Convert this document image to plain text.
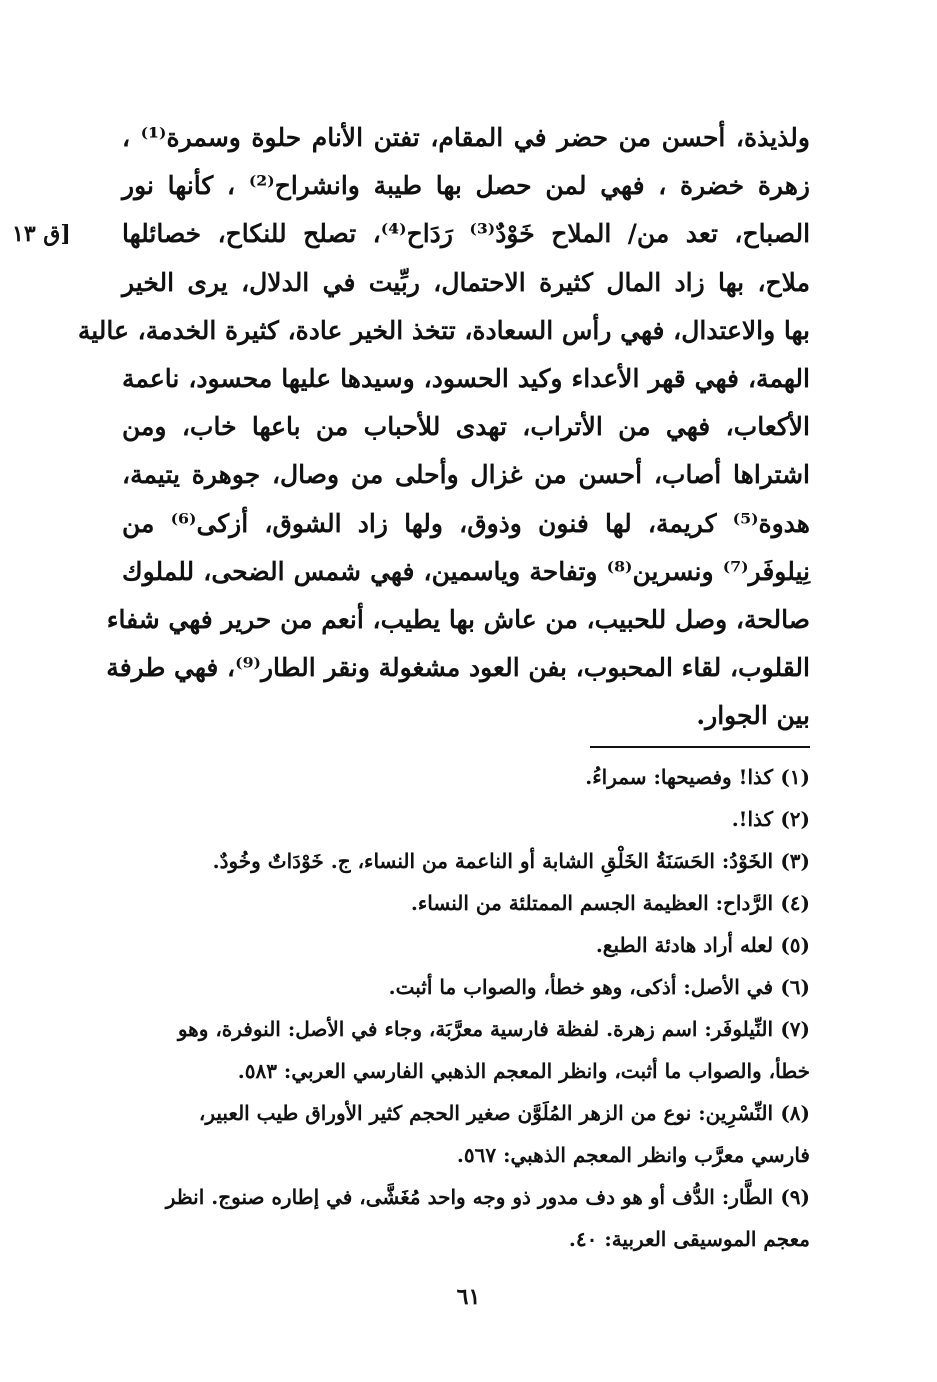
[ق ١٣
ولذيذة، أحسن من حضر في المقام، تفتن الأنام حلوة وسمرة⁽¹⁾ ،
زهرة خضرة ، فهي لمن حصل بها طيبة وانشراح⁽²⁾ ، كأنها نور
الصباح، تعد من/ الملاح خَوْدٌ⁽³⁾ رَدَاح⁽⁴⁾، تصلح للنكاح، خصائلها
ملاح، بها زاد المال كثيرة الاحتمال، ربِّيت في الدلال، يرى الخير
بها والاعتدال، فهي رأس السعادة، تتخذ الخير عادة، كثيرة الخدمة، عالية
الهمة، فهي قهر الأعداء وكيد الحسود، وسيدها عليها محسود، ناعمة
الأكعاب، فهي من الأتراب، تهدى للأحباب من باعها خاب، ومن
اشتراها أصاب، أحسن من غزال وأحلى من وصال، جوهرة يتيمة،
هدوة⁽⁵⁾ كريمة، لها فنون وذوق، ولها زاد الشوق، أزكى⁽⁶⁾ من
نِيلوفَر⁽⁷⁾ ونسرين⁽⁸⁾ وتفاحة وياسمين، فهي شمس الضحى، للملوك
صالحة، وصل للحبيب، من عاش بها يطيب، أنعم من حرير فهي شفاء
القلوب، لقاء المحبوب، بفن العود مشغولة ونقر الطار⁽⁹⁾، فهي طرفة
بين الجوار.
(١) كذا! وفصيحها: سمراءُ.
(٢) كذا!.
(٣) الخَوْدُ: الحَسَنَةُ الخَلْقِ الشابة أو الناعمة من النساء، ج. خَوْدَاتٌ وخُودٌ.
(٤) الرَّداح: العظيمة الجسم الممتلئة من النساء.
(٥) لعله أراد هادئة الطبع.
(٦) في الأصل: أذكى، وهو خطأ، والصواب ما أثبت.
(٧) النِّيلوفَر: اسم زهرة. لفظة فارسية معرَّبَة، وجاء في الأصل: النوفرة، وهو
خطأ، والصواب ما أثبت، وانظر المعجم الذهبي الفارسي العربي: ٥٨٣.
(٨) النِّسْرِين: نوع من الزهر المُلَوَّن صغير الحجم كثير الأوراق طيب العبير،
فارسي معرَّب وانظر المعجم الذهبي: ٥٦٧.
(٩) الطَّار: الدُّف أو هو دف مدور ذو وجه واحد مُغَشَّى، في إطاره صنوج. انظر
معجم الموسيقى العربية: ٤٠.
٦١
